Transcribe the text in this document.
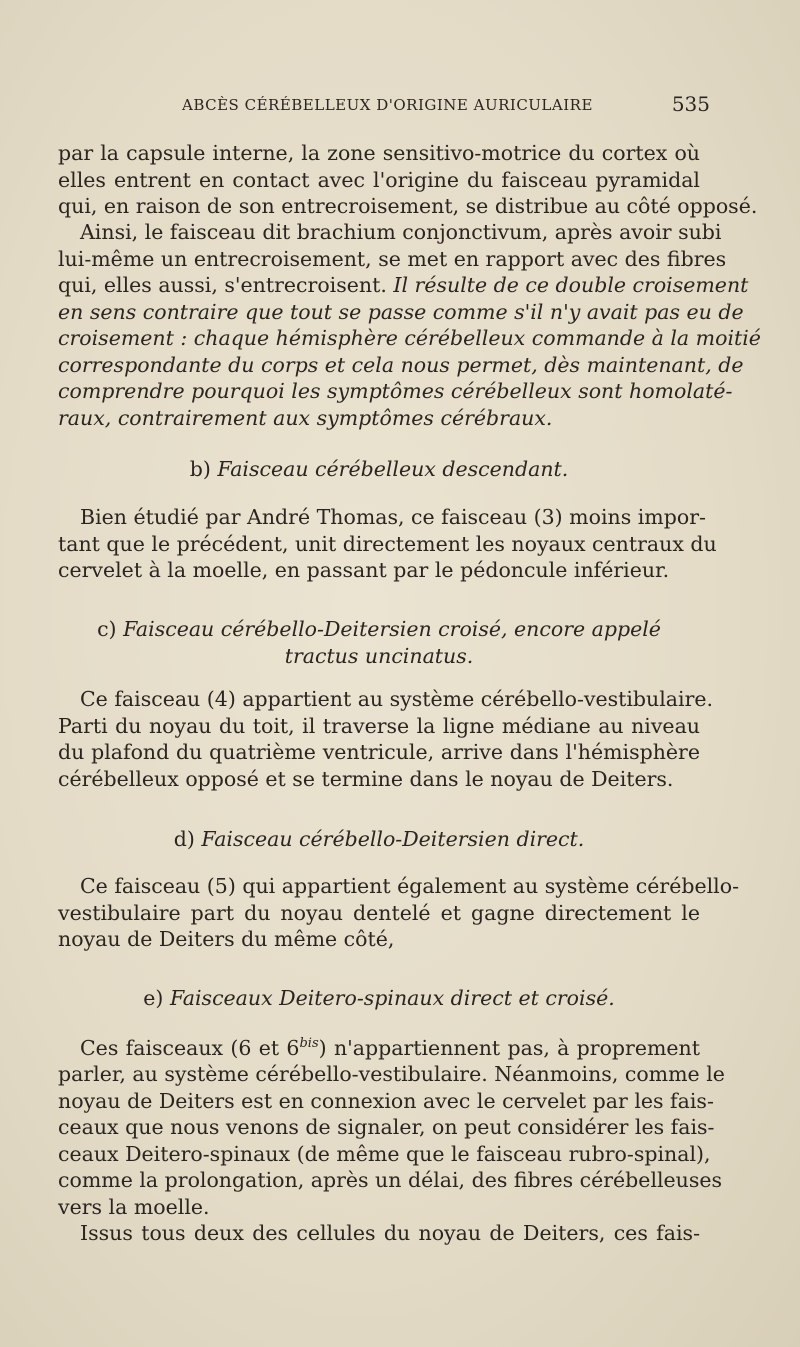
ABCÈS CÉRÉBELLEUX D'ORIGINE AURICULAIRE	535
par la capsule interne, la zone sensitivo-motrice du cortex où
elles entrent en contact avec l'origine du faisceau pyramidal
qui, en raison de son entrecroisement, se distribue au côté opposé.
Ainsi, le faisceau dit brachium conjonctivum, après avoir subi
lui-même un entrecroisement, se met en rapport avec des fibres
qui, elles aussi, s'entrecroisent. Il résulte de ce double croisement
en sens contraire que tout se passe comme s'il n'y avait pas eu de
croisement : chaque hémisphère cérébelleux commande à la moitié
correspondante du corps et cela nous permet, dès maintenant, de
comprendre pourquoi les symptômes cérébelleux sont homolaté-
raux, contrairement aux symptômes cérébraux.
b) Faisceau cérébelleux descendant.
Bien étudié par André Thomas, ce faisceau (3) moins impor-
tant que le précédent, unit directement les noyaux centraux du
cervelet à la moelle, en passant par le pédoncule inférieur.
c) Faisceau cérébello-Deitersien croisé, encore appelé
tractus uncinatus.
Ce faisceau (4) appartient au système cérébello-vestibulaire.
Parti du noyau du toit, il traverse la ligne médiane au niveau
du plafond du quatrième ventricule, arrive dans l'hémisphère
cérébelleux opposé et se termine dans le noyau de Deiters.
d) Faisceau cérébello-Deitersien direct.
Ce faisceau (5) qui appartient également au système cérébello-
vestibulaire part du noyau dentelé et gagne directement le
noyau de Deiters du même côté,
e) Faisceaux Deitero-spinaux direct et croisé.
Ces faisceaux (6 et $6^{bis}$) n'appartiennent pas, à proprement
parler, au système cérébello-vestibulaire. Néanmoins, comme le
noyau de Deiters est en connexion avec le cervelet par les fais-
ceaux que nous venons de signaler, on peut considérer les fais-
ceaux Deitero-spinaux (de même que le faisceau rubro-spinal),
comme la prolongation, après un délai, des fibres cérébelleuses
vers la moelle.
Issus tous deux des cellules du noyau de Deiters, ces fais-
